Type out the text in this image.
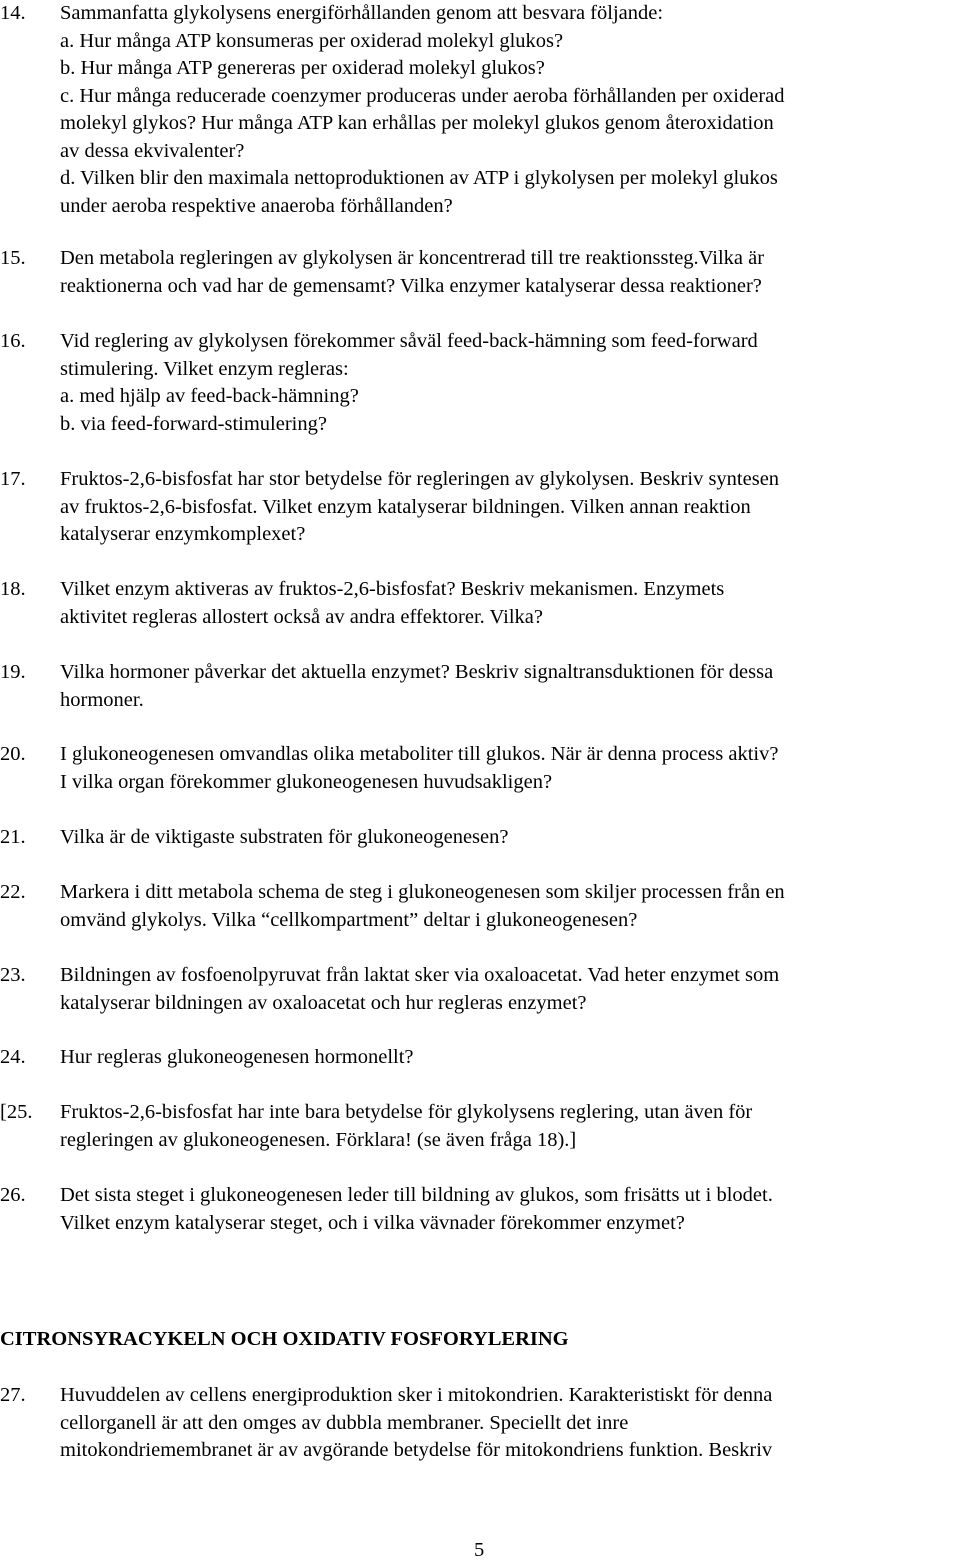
14. Sammanfatta glykolysens energiförhållanden genom att besvara följande:
a. Hur många ATP konsumeras per oxiderad molekyl glukos?
b. Hur många ATP genereras per oxiderad molekyl glukos?
c. Hur många reducerade coenzymer produceras under aeroba förhållanden per oxiderad
molekyl glykos? Hur många ATP kan erhållas per molekyl glukos genom återoxidation
av dessa ekvivalenter?
d. Vilken blir den maximala nettoproduktionen av ATP i glykolysen per molekyl glukos
under aeroba respektive anaeroba förhållanden?
15. Den metabola regleringen av glykolysen är koncentrerad till tre reaktionssteg.Vilka är
reaktionerna och vad har de gemensamt? Vilka enzymer katalyserar dessa reaktioner?
16. Vid reglering av glykolysen förekommer såväl feed-back-hämning som feed-forward
stimulering. Vilket enzym regleras:
a. med hjälp av feed-back-hämning?
b. via feed-forward-stimulering?
17. Fruktos-2,6-bisfosfat har stor betydelse för regleringen av glykolysen. Beskriv syntesen
av fruktos-2,6-bisfosfat. Vilket enzym katalyserar bildningen. Vilken annan reaktion
katalyserar enzymkomplexet?
18. Vilket enzym aktiveras av fruktos-2,6-bisfosfat? Beskriv mekanismen. Enzymets
aktivitet regleras allostert också av andra effektorer. Vilka?
19. Vilka hormoner påverkar det aktuella enzymet? Beskriv signaltransduktionen för dessa
hormoner.
20. I glukoneogenesen omvandlas olika metaboliter till glukos. När är denna process aktiv?
I vilka organ förekommer glukoneogenesen huvudsakligen?
21. Vilka är de viktigaste substraten för glukoneogenesen?
22. Markera i ditt metabola schema de steg i glukoneogenesen som skiljer processen från en
omvänd glykolys. Vilka “cellkompartment” deltar i glukoneogenesen?
23. Bildningen av fosfoenolpyruvat från laktat sker via oxaloacetat. Vad heter enzymet som
katalyserar bildningen av oxaloacetat och hur regleras enzymet?
24. Hur regleras glukoneogenesen hormonellt?
[25. Fruktos-2,6-bisfosfat har inte bara betydelse för glykolysens reglering, utan även för
regleringen av glukoneogenesen. Förklara! (se även fråga 18).]
26. Det sista steget i glukoneogenesen leder till bildning av glukos, som frisätts ut i blodet.
Vilket enzym katalyserar steget, och i vilka vävnader förekommer enzymet?
CITRONSYRACYKELN OCH OXIDATIV FOSFORYLERING
27. Huvuddelen av cellens energiproduktion sker i mitokondrien. Karakteristiskt för denna
cellorganell är att den omges av dubbla membraner. Speciellt det inre
mitokondriemembranet är av avgörande betydelse för mitokondriens funktion. Beskriv
5
